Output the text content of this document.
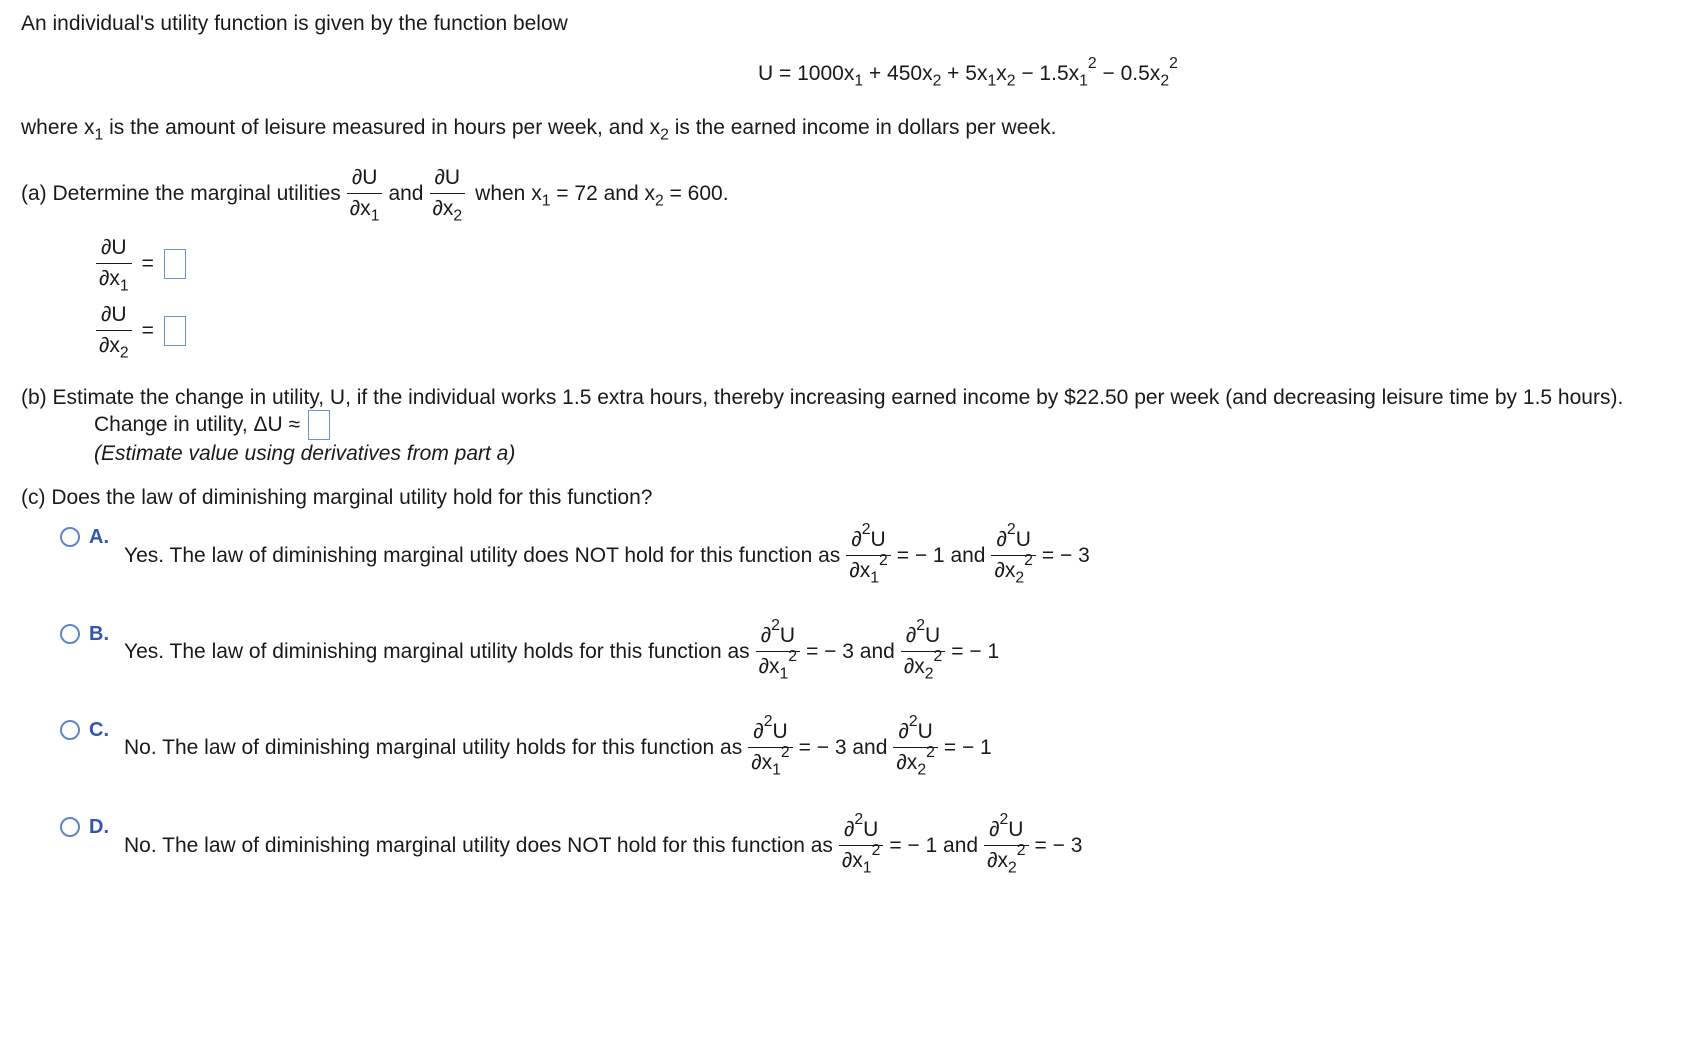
An individual's utility function is given by the function below
$U = 1000x_1 + 450x_2 + 5x_1x_2 - 1.5x_1^2 - 0.5x_2^2$
where $x_1$ is the amount of leisure measured in hours per week, and $x_2$ is the earned income in dollars per week.
(a) Determine the marginal utilities $\frac{\partial U}{\partial x_1}$ and $\frac{\partial U}{\partial x_2}$ when $x_1 = 72$ and $x_2 = 600$.
$\frac{\partial U}{\partial x_1}$ =
$\frac{\partial U}{\partial x_2}$ =
(b) Estimate the change in utility, U, if the individual works 1.5 extra hours, thereby increasing earned income by $22.50 per week (and decreasing leisure time by 1.5 hours).
Change in utility, ΔU ≈
(Estimate value using derivatives from part a)
(c) Does the law of diminishing marginal utility hold for this function?
A.
Yes. The law of diminishing marginal utility does NOT hold for this function as $\frac{\partial^2U}{\partial x_1^2}$ = − 1 and $\frac{\partial^2U}{\partial x_2^2}$ = − 3
B.
Yes. The law of diminishing marginal utility holds for this function as $\frac{\partial^2U}{\partial x_1^2}$ = − 3 and $\frac{\partial^2U}{\partial x_2^2}$ = − 1
C.
No. The law of diminishing marginal utility holds for this function as $\frac{\partial^2U}{\partial x_1^2}$ = − 3 and $\frac{\partial^2U}{\partial x_2^2}$ = − 1
D.
No. The law of diminishing marginal utility does NOT hold for this function as $\frac{\partial^2U}{\partial x_1^2}$ = − 1 and $\frac{\partial^2U}{\partial x_2^2}$ = − 3
